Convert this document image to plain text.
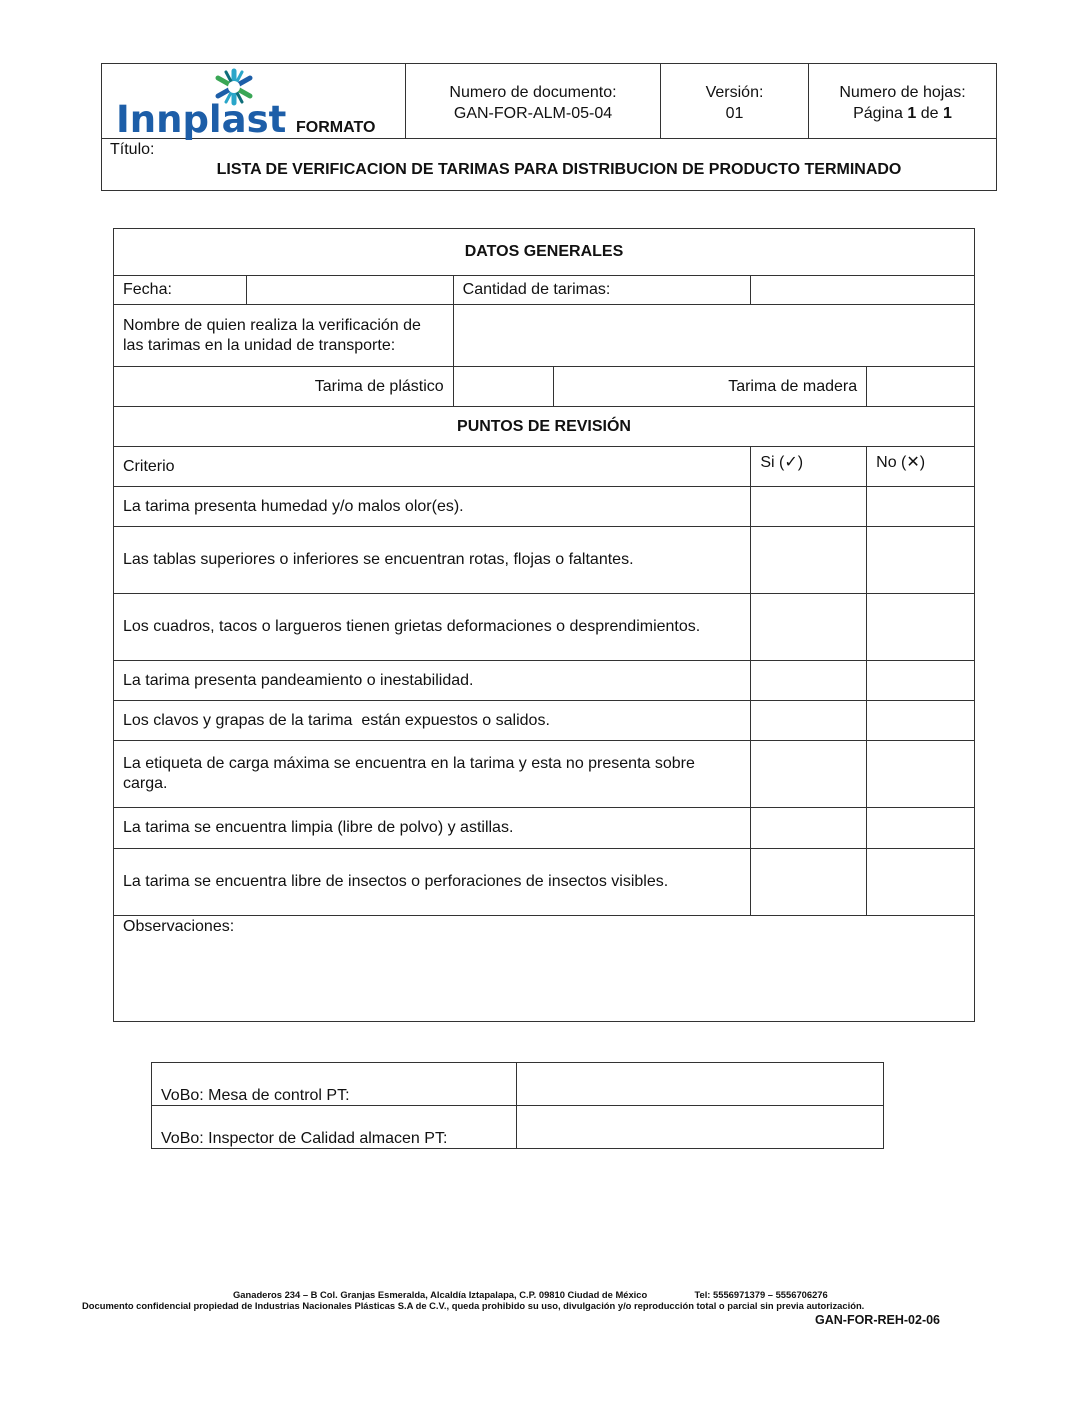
Innplast FORMATO

Numero de documento:
GAN-FOR-ALM-05-04

Versión:
01

Numero de hojas:
Página 1 de 1

Título:
LISTA DE VERIFICACION DE TARIMAS PARA DISTRIBUCION DE PRODUCTO TERMINADO
DATOS GENERALES					
Fecha:		Cantidad de tarimas:			
Nombre de quien realiza la verificación de las tarimas en la unidad de transporte:					
Tarima de plástico			Tarima de madera		
PUNTOS DE REVISIÓN					
Criterio				Si (✓)	No (✕)
La tarima presenta humedad y/o malos olor(es).					
Las tablas superiores o inferiores se encuentran rotas, flojas o faltantes.					
Los cuadros, tacos o largueros tienen grietas deformaciones o desprendimientos.					
La tarima presenta pandeamiento o inestabilidad.					
Los clavos y grapas de la tarima  están expuestos o salidos.					
La etiqueta de carga máxima se encuentra en la tarima y esta no presenta sobre carga.					
La tarima se encuentra limpia (libre de polvo) y astillas.					
La tarima se encuentra libre de insectos o perforaciones de insectos visibles.					

Observaciones:					
VoBo: Mesa de control PT:	
VoBo: Inspector de Calidad almacen PT:	
Ganaderos 234 – B Col. Granjas Esmeralda, Alcaldía Iztapalapa, C.P. 09810 Ciudad de México	Tel: 5556971379 – 5556706276
Documento confidencial propiedad de Industrias Nacionales Plásticas S.A de C.V., queda prohibido su uso, divulgación y/o reproducción total o parcial sin previa autorización.
GAN-FOR-REH-02-06
